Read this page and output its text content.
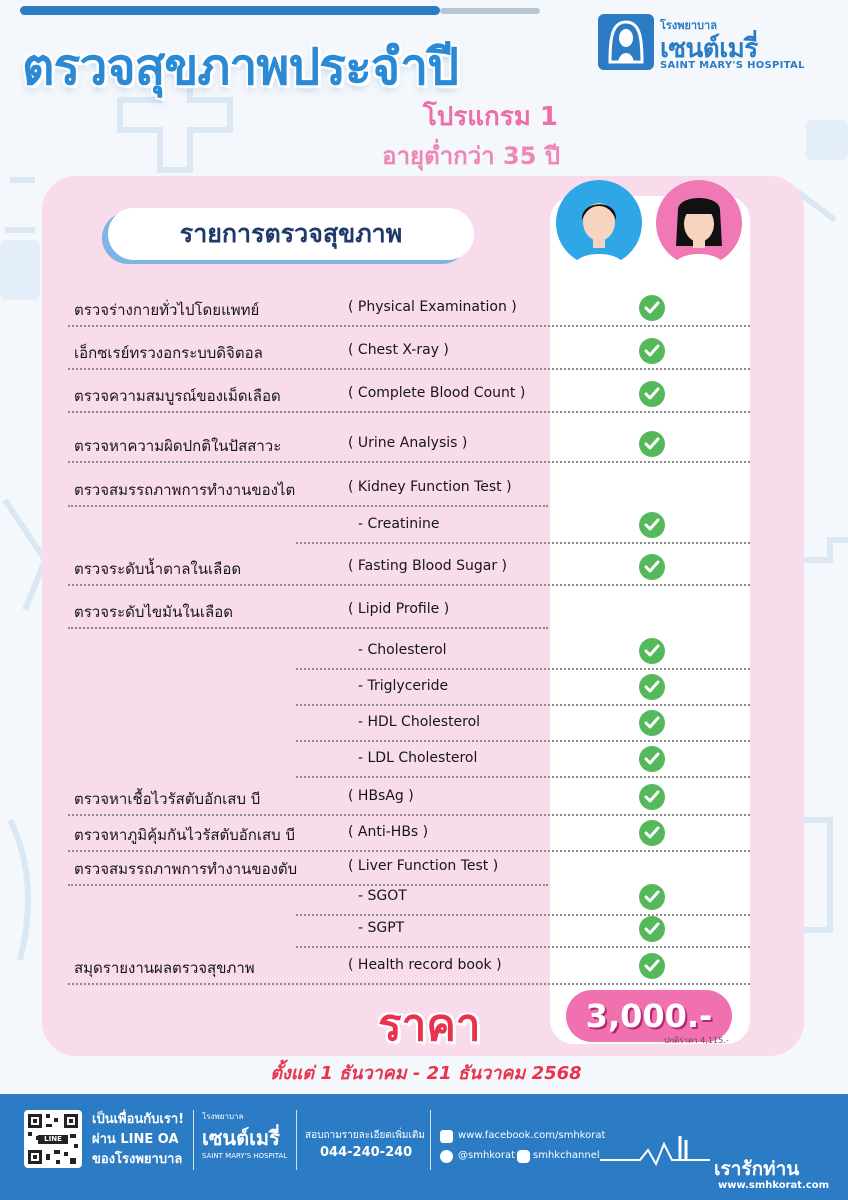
ตรวจสุขภาพประจำปี
โปรแกรม 1
อายุต่ำกว่า 35 ปี
โรงพยาบาล
เซนต์เมรี่
SAINT MARY'S HOSPITAL
รายการตรวจสุขภาพ
ตรวจร่างกายทั่วไปโดยแพทย์	( Physical Examination )
เอ็กซเรย์ทรวงอกระบบดิจิตอล	( Chest X-ray )
ตรวจความสมบูรณ์ของเม็ดเลือด	( Complete Blood Count )
ตรวจหาความผิดปกติในปัสสาวะ	( Urine Analysis )
ตรวจสมรรถภาพการทำงานของไต	( Kidney Function Test )
- Creatinine
ตรวจระดับน้ำตาลในเลือด	( Fasting Blood Sugar )
ตรวจระดับไขมันในเลือด	( Lipid Profile )
- Cholesterol
- Triglyceride
- HDL Cholesterol
- LDL Cholesterol
ตรวจหาเชื้อไวรัสตับอักเสบ บี	( HBsAg )
ตรวจหาภูมิคุ้มกันไวรัสตับอักเสบ บี	( Anti-HBs )
ตรวจสมรรถภาพการทำงานของตับ	( Liver Function Test )
- SGOT
- SGPT
สมุดรายงานผลตรวจสุขภาพ	( Health record book )
ราคา	3,000.-
ปกติราคา 4,115.-
ตั้งแต่ 1 ธันวาคม - 21 ธันวาคม 2568
LINE
เป็นเพื่อนกับเรา!
ผ่าน LINE OA
ของโรงพยาบาล
โรงพยาบาล
เซนต์เมรี่
SAINT MARY'S HOSPITAL
สอบถามรายละเอียดเพิ่มเติม
044-240-240
www.facebook.com/smhkorat
@smhkorat smhkchannel
เรารักท่าน
www.smhkorat.com
